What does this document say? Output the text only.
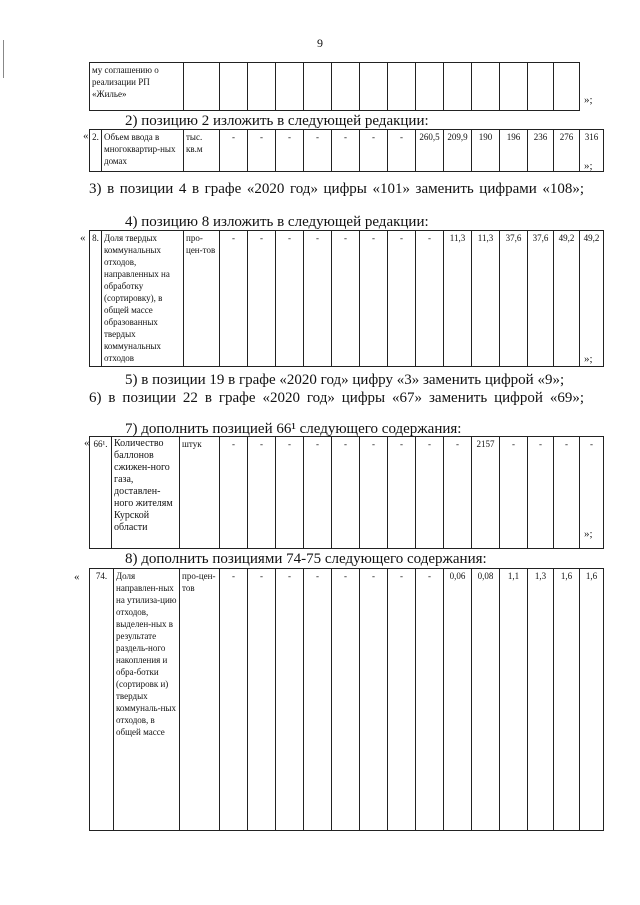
9
му соглашению о реализации РП «Жилье»															»;
2) позицию 2 изложить в следующей редакции:
« 2.	Объем ввода в многоквартир-ных домах	тыс. кв.м	-	-	-	-	-	-	-	260,5	209,9	190	196	236	276	316
»;
3) в позиции 4 в графе «2020 год» цифры «101» заменить цифрами «108»;
4) позицию 8 изложить в следующей редакции:
« 8.	Доля твердых коммунальных отходов, направленных на обработку (сортировку), в общей массе образованных твердых коммунальных отходов	про-цен-тов	-	-	-	-	-	-	-	-	11,3	11,3	37,6	37,6	49,2	49,2
»;
5) в позиции 19 в графе «2020 год» цифру «3» заменить цифрой «9»;
6) в позиции 22 в графе «2020 год» цифры «67» заменить цифрой «69»;
7) дополнить позицией 66¹ следующего содержания:
« 66¹.	Количество баллонов сжижен-ного газа, доставлен-ного жителям Курской области	штук	-	-	-	-	-	-	-	-	-	2157	-	-	-	-
»;
8) дополнить позициями 74-75 следующего содержания:
« 74.	Доля направлен-ных на утилиза-цию отходов, выделен-ных в результате раздель-ного накопления и обра-ботки (сортировк и) твердых коммуналь-ных отходов, в общей массе	про-цен-тов	-	-	-	-	-	-	-	-	0,06	0,08	1,1	1,3	1,6	1,6
